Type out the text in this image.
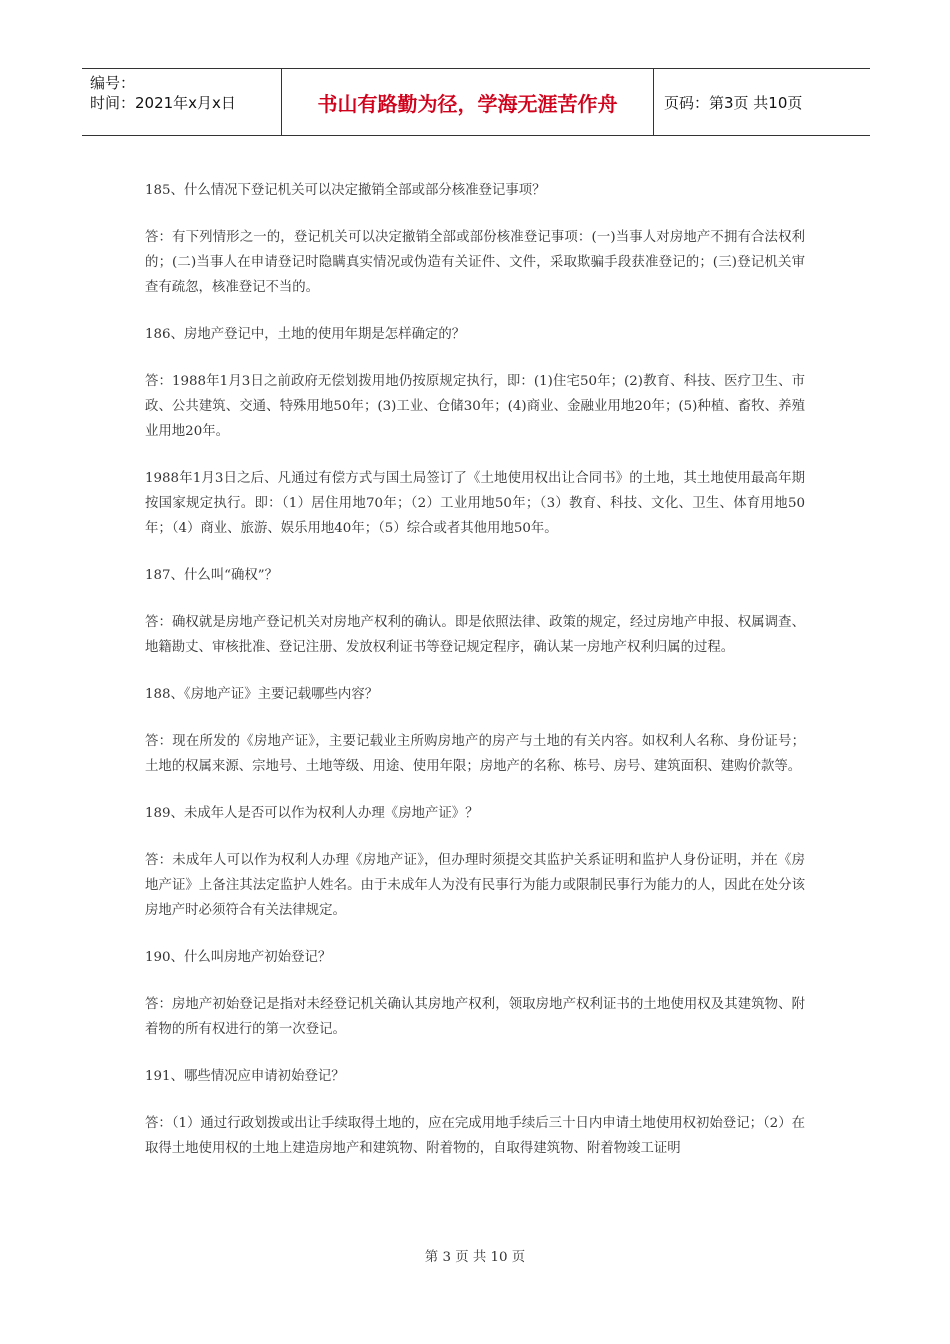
编号：
时间：2021年x月x日	书山有路勤为径，学海无涯苦作舟	页码：第3页 共10页

185、什么情况下登记机关可以决定撤销全部或部分核准登记事项？

答：有下列情形之一的，登记机关可以决定撤销全部或部份核准登记事项：(一)当事人对房地产不拥有合法权利的；(二)当事人在申请登记时隐瞒真实情况或伪造有关证件、文件，采取欺骗手段获准登记的；(三)登记机关审查有疏忽，核准登记不当的。

186、房地产登记中，土地的使用年期是怎样确定的？

答：1988年1月3日之前政府无偿划拨用地仍按原规定执行，即：(1)住宅50年；(2)教育、科技、医疗卫生、市政、公共建筑、交通、特殊用地50年；(3)工业、仓储30年；(4)商业、金融业用地20年；(5)种植、畜牧、养殖业用地20年。

1988年1月3日之后、凡通过有偿方式与国土局签订了《土地使用权出让合同书》的土地，其土地使用最高年期按国家规定执行。即：（1）居住用地70年；（2）工业用地50年；（3）教育、科技、文化、卫生、体育用地50年；（4）商业、旅游、娱乐用地40年；（5）综合或者其他用地50年。

187、什么叫“确权”？

答：确权就是房地产登记机关对房地产权利的确认。即是依照法律、政策的规定，经过房地产申报、权属调查、地籍勘丈、审核批准、登记注册、发放权利证书等登记规定程序，确认某一房地产权利归属的过程。

188、《房地产证》主要记载哪些内容？

答：现在所发的《房地产证》，主要记载业主所购房地产的房产与土地的有关内容。如权利人名称、身份证号；土地的权属来源、宗地号、土地等级、用途、使用年限；房地产的名称、栋号、房号、建筑面积、建购价款等。

189、未成年人是否可以作为权利人办理《房地产证》？

答：未成年人可以作为权利人办理《房地产证》，但办理时须提交其监护关系证明和监护人身份证明，并在《房地产证》上备注其法定监护人姓名。由于未成年人为没有民事行为能力或限制民事行为能力的人，因此在处分该房地产时必须符合有关法律规定。

190、什么叫房地产初始登记？

答：房地产初始登记是指对未经登记机关确认其房地产权利，领取房地产权利证书的土地使用权及其建筑物、附着物的所有权进行的第一次登记。

191、哪些情况应申请初始登记？

答：（1）通过行政划拨或出让手续取得土地的，应在完成用地手续后三十日内申请土地使用权初始登记；（2）在取得土地使用权的土地上建造房地产和建筑物、附着物的，自取得建筑物、附着物竣工证明

第 3 页 共 10 页
